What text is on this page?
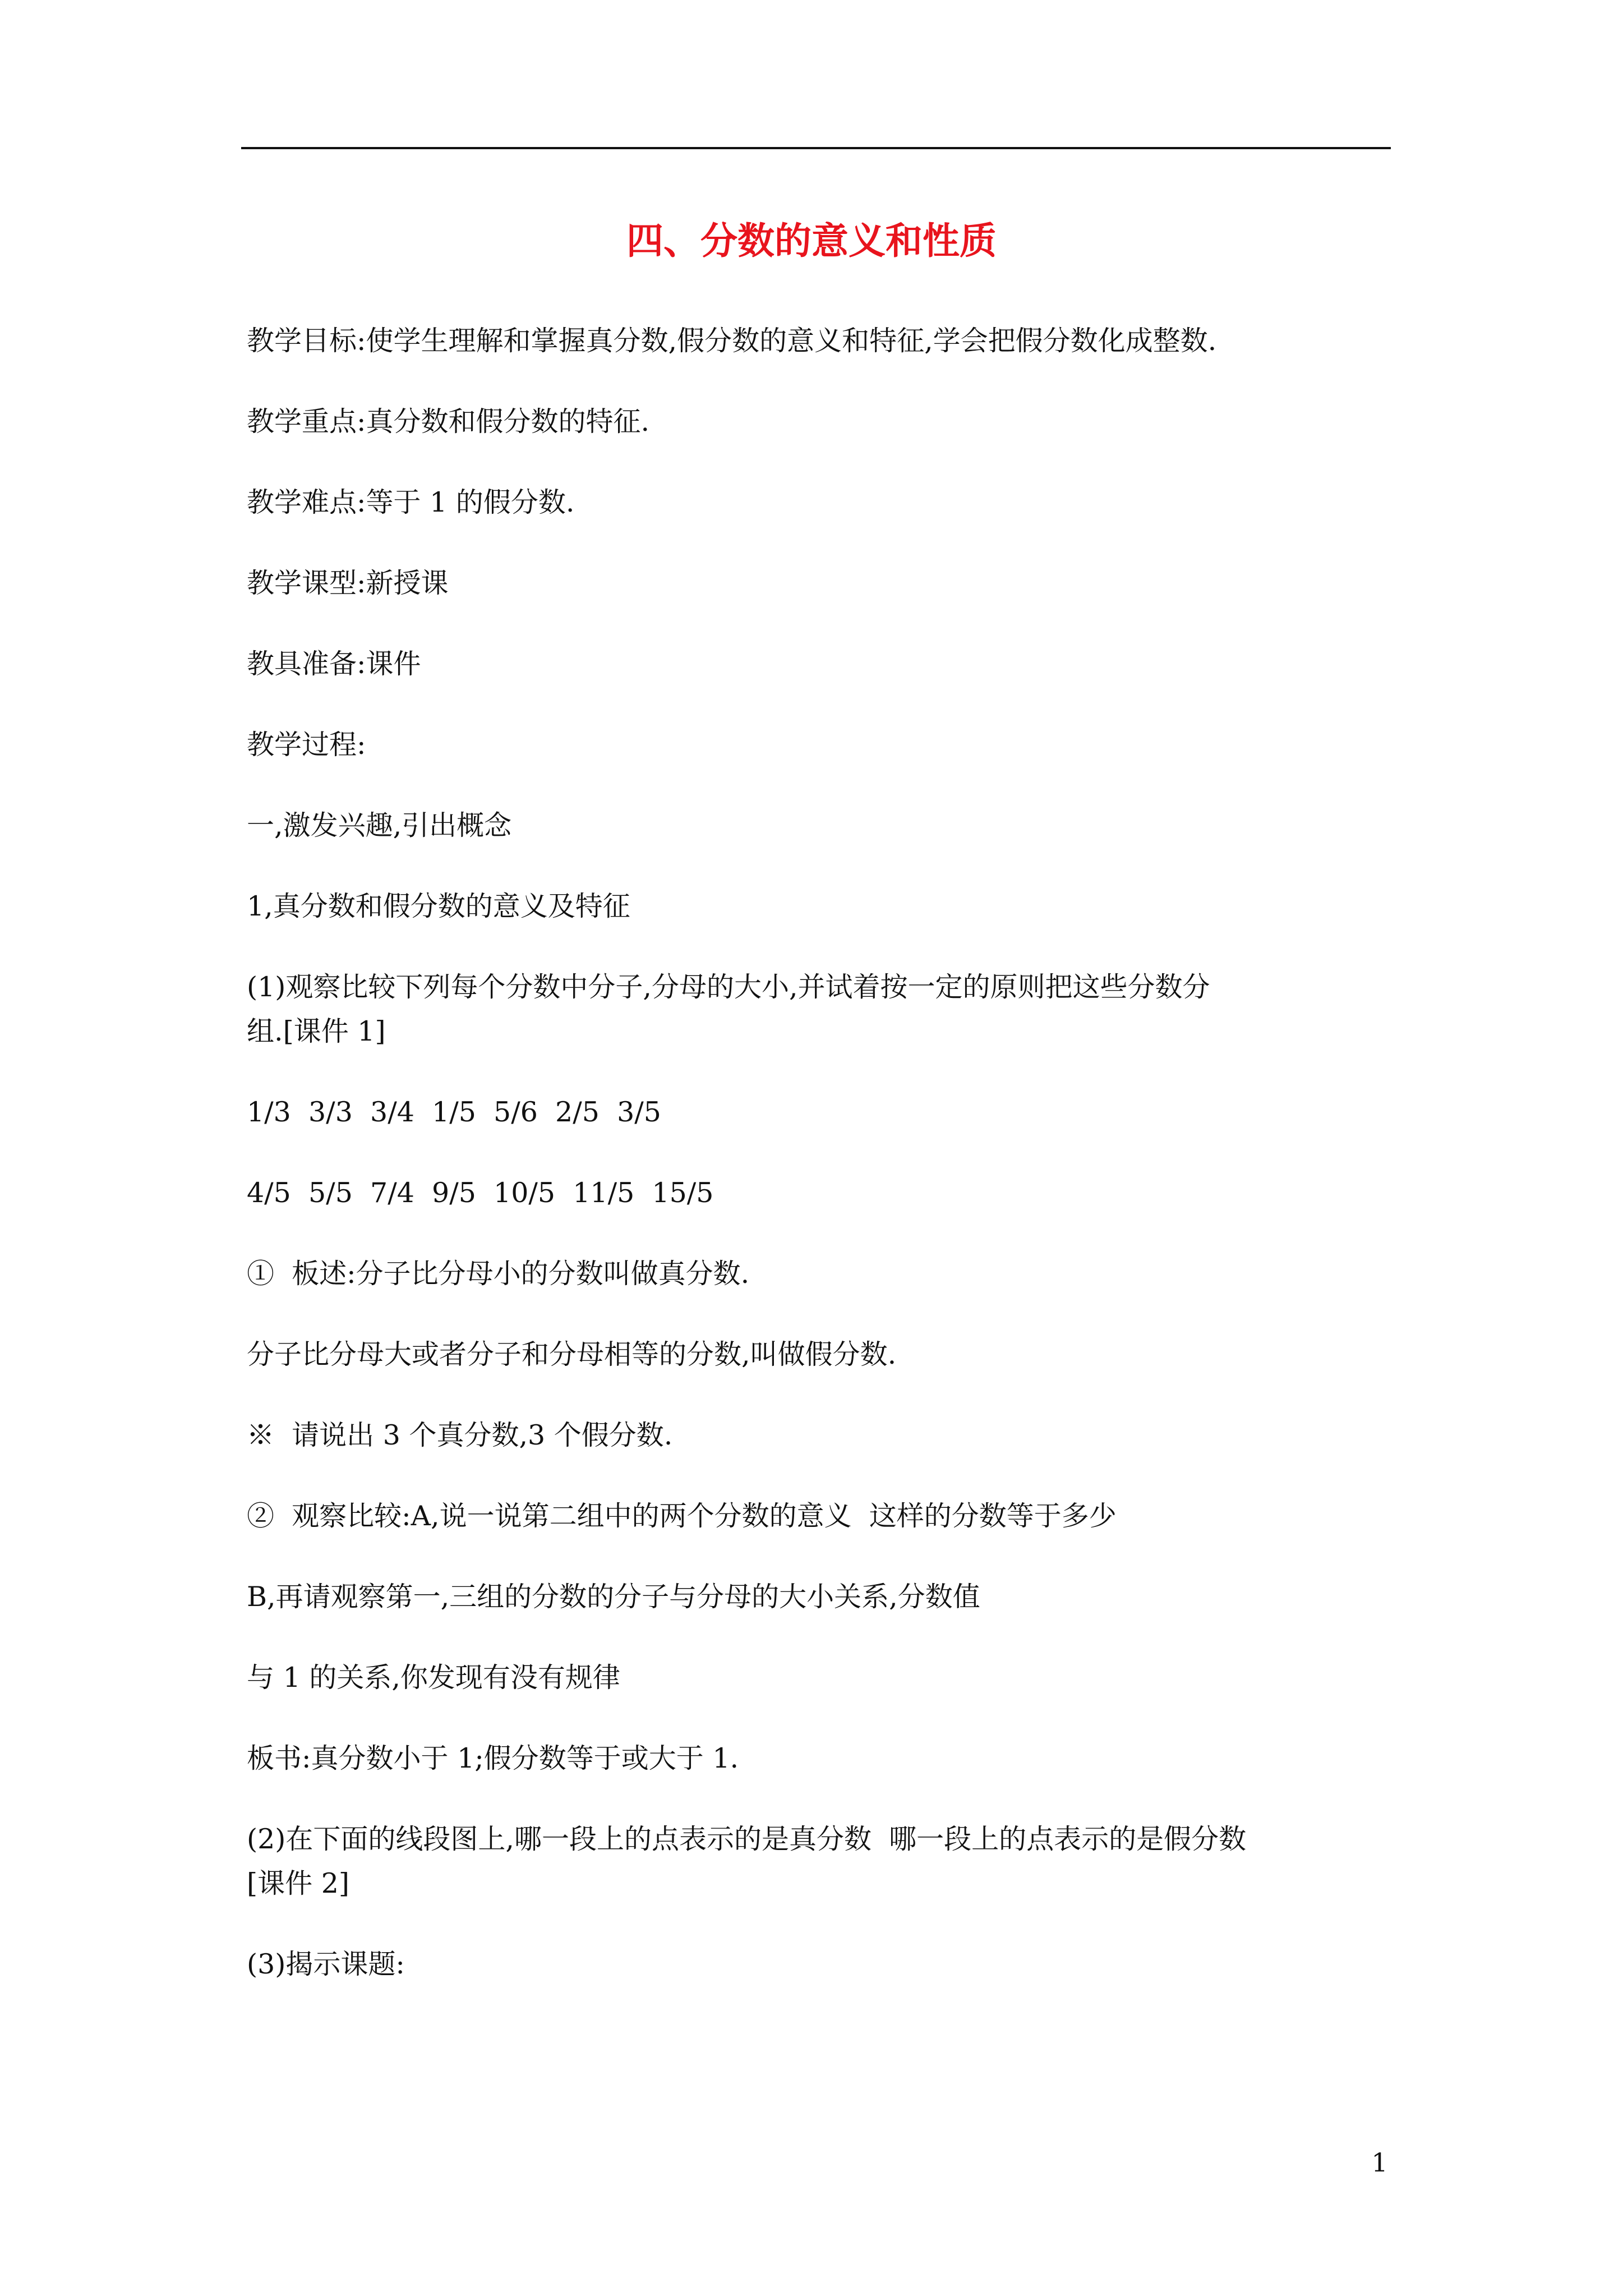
四、分数的意义和性质

教学目标:使学生理解和掌握真分数,假分数的意义和特征,学会把假分数化成整数.

教学重点:真分数和假分数的特征.

教学难点:等于 1 的假分数.

教学课型:新授课

教具准备:课件

教学过程:

一,激发兴趣,引出概念

1,真分数和假分数的意义及特征

(1)观察比较下列每个分数中分子,分母的大小,并试着按一定的原则把这些分数分

组.[课件 1]

1/3  3/3  3/4  1/5  5/6  2/5  3/5

4/5  5/5  7/4  9/5  10/5  11/5  15/5

①  板述:分子比分母小的分数叫做真分数.

分子比分母大或者分子和分母相等的分数,叫做假分数.

※  请说出 3 个真分数,3 个假分数.

②  观察比较:A,说一说第二组中的两个分数的意义  这样的分数等于多少

B,再请观察第一,三组的分数的分子与分母的大小关系,分数值

与 1 的关系,你发现有没有规律

板书:真分数小于 1;假分数等于或大于 1.

(2)在下面的线段图上,哪一段上的点表示的是真分数  哪一段上的点表示的是假分数

[课件 2]

(3)揭示课题:

1
